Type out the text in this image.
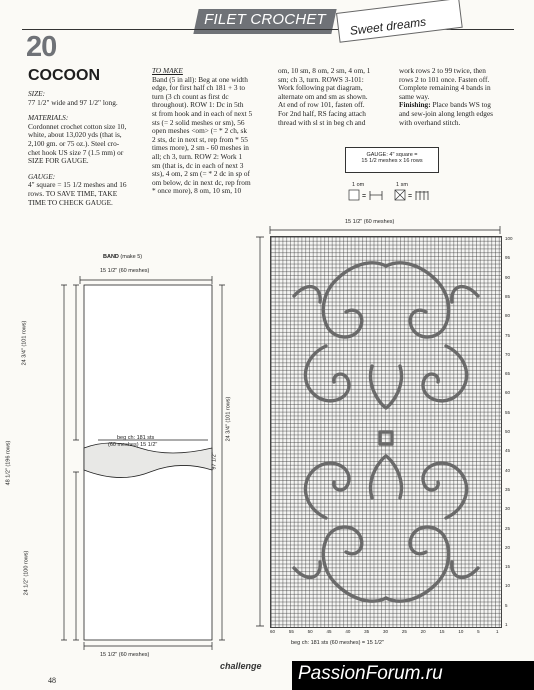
FILET CROCHET	Sweet dreams
20
COCOON
SIZE:
77 1/2" wide and 97 1/2" long.
MATERIALS:
Cordonnet crochet cotton size 10,
white, about 13,020 yds (that is,
2,100 gm. or 75 oz.). Steel cro-
chet hook US size 7 (1.5 mm) or
SIZE FOR GAUGE.
GAUGE:
4" square = 15 1/2 meshes and 16
rows. TO SAVE TIME, TAKE
TIME TO CHECK GAUGE.
TO MAKE
Band (5 in all): Beg at one width
edge, for first half ch 181 + 3 to
turn (3 ch count as first dc
throughout). ROW 1: Dc in 5th
st from hook and in each of next 5
sts (= 2 solid meshes or sm), 56
open meshes <om> (= * 2 ch, sk
2 sts, dc in next st, rep from * 55
times more), 2 sm - 60 meshes in
all; ch 3, turn. ROW 2: Work 1
sm (that is, dc in each of next 3
sts), 4 om, 2 sm (= * 2 dc in sp of
om below, dc in next dc, rep from
* once more), 8 om, 10 sm, 10
om, 10 sm, 8 om, 2 sm, 4 om, 1
sm; ch 3, turn. ROWS 3-101:
Work following pat diagram,
alternate om and sm as shown.
At end of row 101, fasten off.
For 2nd half, RS facing attach
thread with sl st in beg ch and
work rows 2 to 99 twice, then
rows 2 to 101 once. Fasten off.
Complete remaining 4 bands in
same way.
Finishing: Place bands WS tog
and sew-join along length edges
with overhand stitch.
GAUGE: 4" square =
15 1/2 meshes x 16 rows
1 om	1 sm
=	=
BAND (make 5)
15 1/2" (60 meshes)
beg ch: 181 sts
(60 meshes) 15 1/2"
24 3/4" (101 rows)
48 1/2" (196 rows)
24 1/2" (100 rows)
97 1/2"
15 1/2" (60 meshes)
15 1/2" (60 meshes)
24 3/4" (101 rows)
100
95
90
85
80
75
70
65
60
55
50
45
40
35
30
25
20
15
10
5
1
60	55	50	45	40	35	30	25	20	15	10	5	1
beg ch: 181 sts (60 meshes) = 15 1/2"
48
challenge PassionForum.ru
